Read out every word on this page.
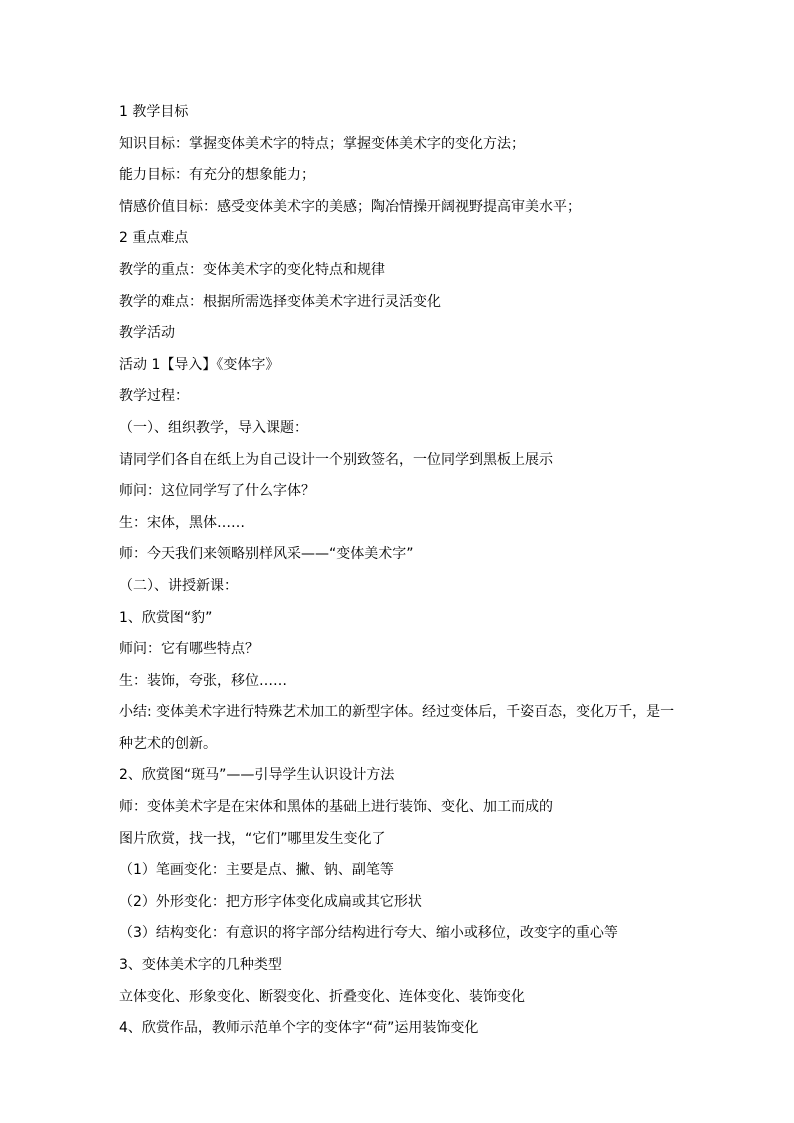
1 教学目标
知识目标：掌握变体美术字的特点；掌握变体美术字的变化方法；
能力目标：有充分的想象能力；
情感价值目标：感受变体美术字的美感；陶冶情操开阔视野提高审美水平；
2 重点难点
教学的重点：变体美术字的变化特点和规律
教学的难点：根据所需选择变体美术字进行灵活变化
教学活动
活动 1【导入】《变体字》
教学过程：
（一）、组织教学，导入课题：
请同学们各自在纸上为自己设计一个别致签名，一位同学到黑板上展示
师问：这位同学写了什么字体？
生：宋体，黑体……
师：今天我们来领略别样风采——“变体美术字”
（二）、讲授新课：
1、欣赏图“豹”
师问：它有哪些特点？
生：装饰，夸张，移位……
小结: 变体美术字进行特殊艺术加工的新型字体。经过变体后，千姿百态，变化万千，是一
种艺术的创新。
2、欣赏图“斑马”——引导学生认识设计方法
师：变体美术字是在宋体和黑体的基础上进行装饰、变化、加工而成的
图片欣赏，找一找，“它们”哪里发生变化了
（1）笔画变化：主要是点、撇、钠、副笔等
（2）外形变化：把方形字体变化成扁或其它形状
（3）结构变化：有意识的将字部分结构进行夸大、缩小或移位，改变字的重心等
3、变体美术字的几种类型
立体变化、形象变化、断裂变化、折叠变化、连体变化、装饰变化
4、欣赏作品，教师示范单个字的变体字“荷”运用装饰变化
